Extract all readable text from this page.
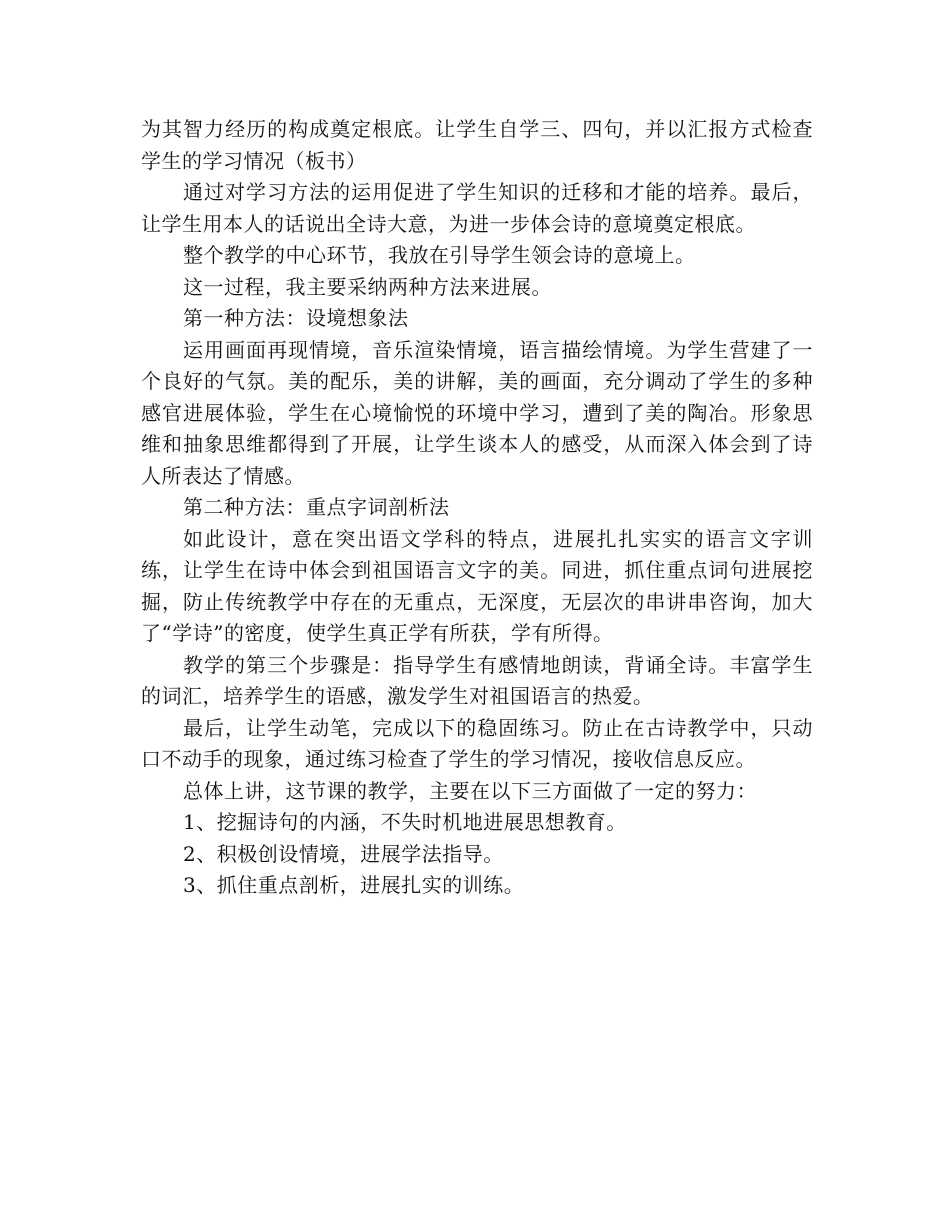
为其智力经历的构成奠定根底。让学生自学三、四句，并以汇报方式检查学生的学习情况（板书）

通过对学习方法的运用促进了学生知识的迁移和才能的培养。最后，让学生用本人的话说出全诗大意，为进一步体会诗的意境奠定根底。

整个教学的中心环节，我放在引导学生领会诗的意境上。

这一过程，我主要采纳两种方法来进展。

第一种方法：设境想象法

运用画面再现情境，音乐渲染情境，语言描绘情境。为学生营建了一个良好的气氛。美的配乐，美的讲解，美的画面，充分调动了学生的多种感官进展体验，学生在心境愉悦的环境中学习，遭到了美的陶冶。形象思维和抽象思维都得到了开展，让学生谈本人的感受，从而深入体会到了诗人所表达了情感。

第二种方法：重点字词剖析法

如此设计，意在突出语文学科的特点，进展扎扎实实的语言文字训练，让学生在诗中体会到祖国语言文字的美。同进，抓住重点词句进展挖掘，防止传统教学中存在的无重点，无深度，无层次的串讲串咨询，加大了“学诗”的密度，使学生真正学有所获，学有所得。

教学的第三个步骤是：指导学生有感情地朗读，背诵全诗。丰富学生的词汇，培养学生的语感，激发学生对祖国语言的热爱。

最后，让学生动笔，完成以下的稳固练习。防止在古诗教学中，只动口不动手的现象，通过练习检查了学生的学习情况，接收信息反应。

总体上讲，这节课的教学，主要在以下三方面做了一定的努力：

1、挖掘诗句的内涵，不失时机地进展思想教育。

2、积极创设情境，进展学法指导。

3、抓住重点剖析，进展扎实的训练。
